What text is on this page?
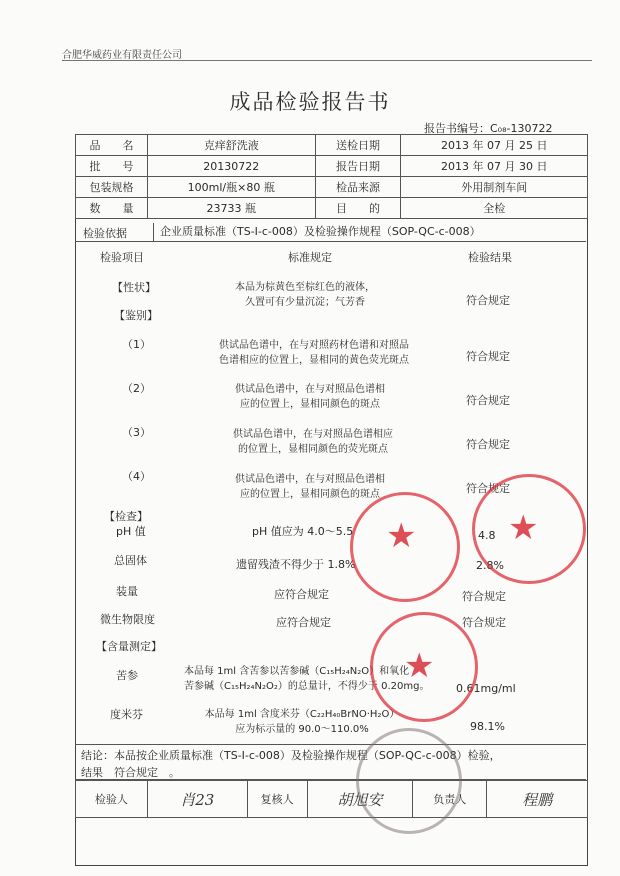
合肥华威药业有限责任公司
成品检验报告书
报告书编号：C₀₈-130722
品　　名	克痒舒洗液	送检日期	2013 年 07 月 25 日
批　　号	20130722	报告日期	2013 年 07 月 30 日
包装规格	100ml/瓶×80 瓶	检品来源	外用制剂车间
数　　量	23733 瓶	目　　的	全检
检验依据	企业质量标准（TS-I-c-008）及检验操作规程（SOP-QC-c-008）
检验项目	标准规定	检验结果
【性状】	本品为棕黄色至棕红色的液体，
久置可有少量沉淀；气芳香	符合规定
【鉴别】
（1）	供试品色谱中，在与对照药材色谱和对照品
色谱相应的位置上，显相同的黄色荧光斑点	符合规定
（2）	供试品色谱中，在与对照品色谱相
应的位置上，显相同颜色的斑点	符合规定
（3）	供试品色谱中，在与对照品色谱相应
的位置上，显相同颜色的荧光斑点	符合规定
（4）	供试品色谱中，在与对照品色谱相
应的位置上，显相同颜色的斑点	符合规定
【检查】
pH 值	pH 值应为 4.0～5.5	4.8
总固体	遗留残渣不得少于 1.8%	2.8%
装量	应符合规定	符合规定
微生物限度	应符合规定	符合规定
【含量测定】
苦参	本品每 1ml 含苦参以苦参碱（C₁₅H₂₄N₂O）和氧化
苦参碱（C₁₅H₂₄N₂O₂）的总量计，不得少于 0.20mg。	0.61mg/ml
度米芬	本品每 1ml 含度米芬（C₂₂H₄₀BrNO·H₂O）
应为标示量的 90.0～110.0%	98.1%
结论：本品按企业质量标准（TS-I-c-008）及检验操作规程（SOP-QC-c-008）检验，
结果　符合规定　。
检验人	肖23	复核人	胡旭安	负责人	程鹏
★	★
★
